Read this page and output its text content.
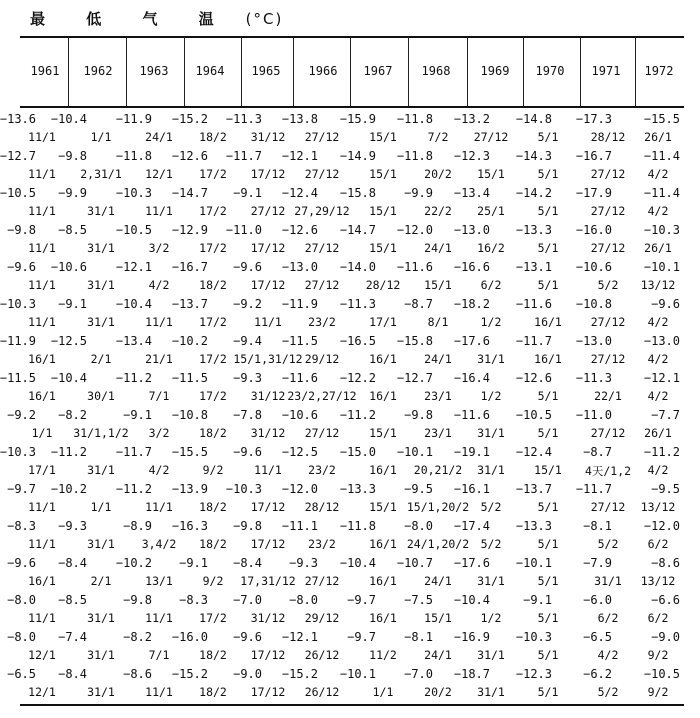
最 低 气 温 (°C)
1961	1962	1963	1964	1965	1966	1967	1968	1969	1970	1971	1972
−13.6	−10.4	−11.9	−15.2	−11.3	−13.8	−15.9	−11.8	−13.2	−14.8	−17.3	−15.5
11/1	1/1	24/1	18/2	31/12	27/12	15/1	7/2	27/12	5/1	28/12	26/1
−12.7	−9.8	−11.8	−12.6	−11.7	−12.1	−14.9	−11.8	−12.3	−14.3	−16.7	−11.4
11/1	2,31/1	12/1	17/2	17/12	27/12	15/1	20/2	15/1	5/1	27/12	4/2
−10.5	−9.9	−10.3	−14.7	−9.1	−12.4	−15.8	−9.9	−13.4	−14.2	−17.9	−11.4
11/1	31/1	11/1	17/2	27/12 27,29/12	15/1	22/2	25/1	5/1	27/12	4/2
−9.8	−8.5	−10.5	−12.9	−11.0	−12.6	−14.7	−12.0	−13.0	−13.3	−16.0	−10.3
11/1	31/1	3/2	17/2	17/12	27/12	15/1	24/1	16/2	5/1	27/12	26/1
−9.6	−10.6	−12.1	−16.7	−9.6	−13.0	−14.0	−11.6	−16.6	−13.1	−10.6	−10.1
11/1	31/1	4/2	18/2	17/12	27/12	28/12	15/1	6/2	5/1	5/2	13/12
−10.3	−9.1	−10.4	−13.7	−9.2	−11.9	−11.3	−8.7	−18.2	−11.6	−10.8	−9.6
11/1	31/1	11/1	17/2	11/1	23/2	17/1	8/1	1/2	16/1	27/12	4/2
−11.9	−12.5	−13.4	−10.2	−9.4	−11.5	−16.5	−15.8	−17.6	−11.7	−13.0	−13.0
16/1	2/1	21/1	17/2 15/1,31/12 29/12	16/1	24/1	31/1	16/1	27/12	4/2
−11.5	−10.4	−11.2	−11.5	−9.3	−11.6	−12.2	−12.7	−16.4	−12.6	−11.3	−12.1
16/1	30/1	7/1	17/2	31/12 23/2,27/12	16/1	23/1	1/2	5/1	22/1	4/2
−9.2	−8.2	−9.1	−10.8	−7.8	−10.6	−11.2	−9.8	−11.6	−10.5	−11.0	−7.7
1/1	31/1,1/2	3/2	18/2	31/12	27/12	15/1	23/1	31/1	5/1	27/12	26/1
−10.3	−11.2	−11.7	−15.5	−9.6	−12.5	−15.0	−10.1	−19.1	−12.4	−8.7	−11.2
17/1	31/1	4/2	9/2	11/1	23/2	16/1	20,21/2	31/1	15/1	4天/1,2	4/2
−9.7	−10.2	−11.2	−13.9	−10.3	−12.0	−13.3	−9.5	−16.1	−13.7	−11.7	−9.5
11/1	1/1	11/1	18/2	17/12	28/12	15/1 15/1,20/2 5/2	5/1	27/12	13/12
−8.3	−9.3	−8.9	−16.3	−9.8	−11.1	−11.8	−8.0	−17.4	−13.3	−8.1	−12.0
11/1	31/1	3,4/2	18/2	17/12	23/2	16/1 24/1,20/2 5/2	5/1	5/2	6/2
−9.6	−8.4	−10.2	−9.1	−8.4	−9.3	−10.4	−10.7	−17.6	−10.1	−7.9	−8.6
16/1	2/1	13/1	9/2	17,31/12 27/12	16/1	24/1	31/1	5/1	31/1	13/12
−8.0	−8.5	−9.8	−8.3	−7.0	−8.0	−9.7	−7.5	−10.4	−9.1	−6.0	−6.6
11/1	31/1	11/1	17/2	31/12	29/12	16/1	15/1	1/2	5/1	6/2	6/2
−8.0	−7.4	−8.2	−16.0	−9.6	−12.1	−9.7	−8.1	−16.9	−10.3	−6.5	−9.0
12/1	31/1	7/1	18/2	17/12	26/12	11/2	24/1	31/1	5/1	4/2	9/2
−6.5	−8.4	−8.6	−15.2	−9.0	−15.2	−10.1	−7.0	−18.7	−12.3	−6.2	−10.5
12/1	31/1	11/1	18/2	17/12	26/12	1/1	20/2	31/1	5/1	5/2	9/2
